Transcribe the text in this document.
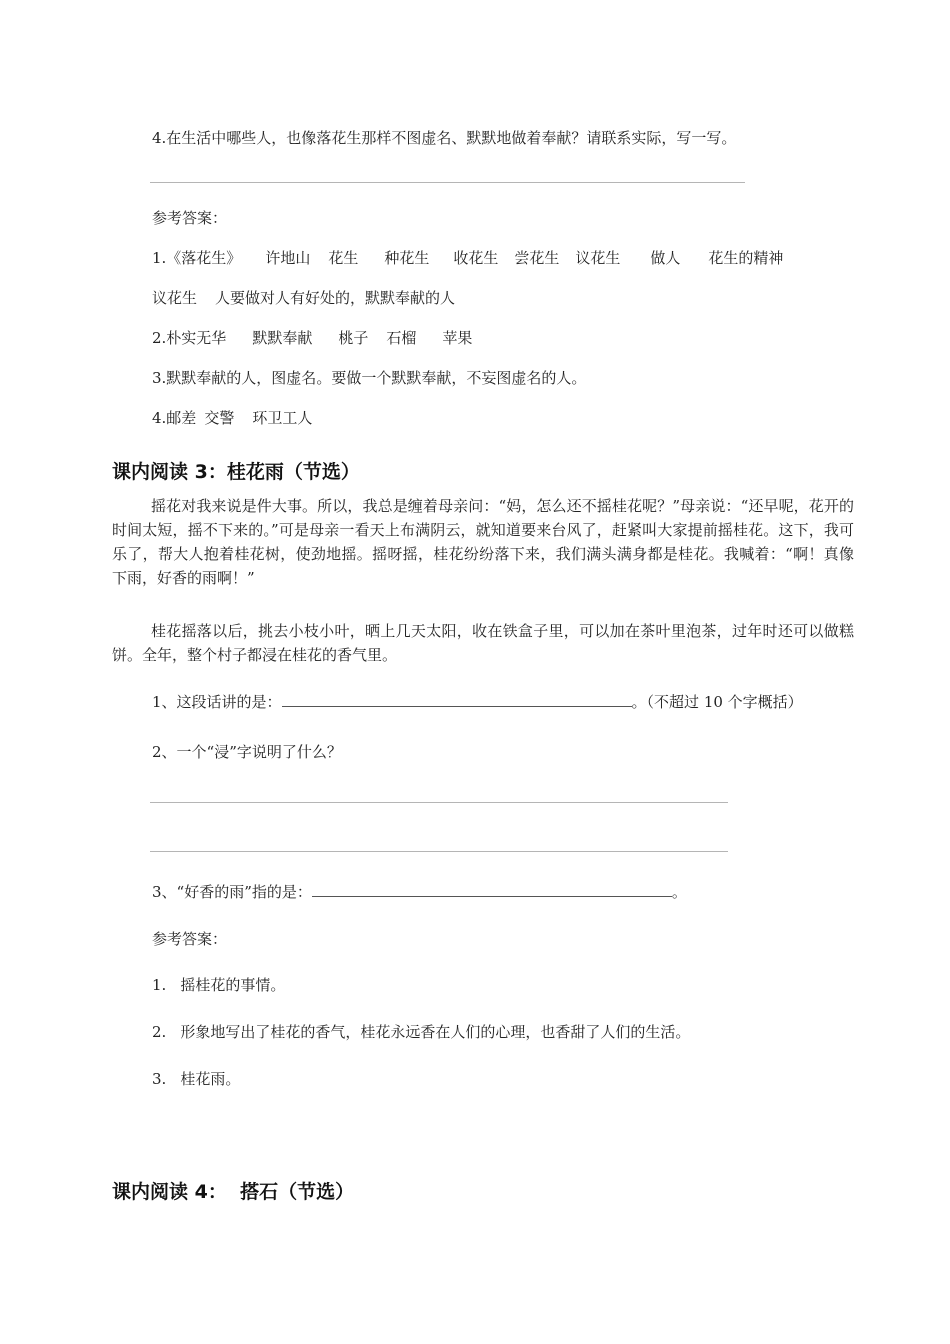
4.在生活中哪些人，也像落花生那样不图虚名、默默地做着奉献？请联系实际，写一写。
参考答案：
1.《落花生》 许地山 花生 种花生 收花生 尝花生 议花生 做人 花生的精神
议花生 人要做对人有好处的，默默奉献的人
2.朴实无华 默默奉献 桃子 石榴 苹果
3.默默奉献的人，图虚名。要做一个默默奉献，不妄图虚名的人。
4.邮差 交警 环卫工人
课内阅读 3：桂花雨（节选）
摇花对我来说是件大事。所以，我总是缠着母亲问：“妈，怎么还不摇桂花呢？”母亲说：“还早呢，花开的时间太短，摇不下来的。”可是母亲一看天上布满阴云，就知道要来台风了，赶紧叫大家提前摇桂花。这下，我可乐了，帮大人抱着桂花树，使劲地摇。摇呀摇，桂花纷纷落下来，我们满头满身都是桂花。我喊着：“啊！真像下雨，好香的雨啊！”
桂花摇落以后，挑去小枝小叶，晒上几天太阳，收在铁盒子里，可以加在茶叶里泡茶，过年时还可以做糕饼。全年，整个村子都浸在桂花的香气里。
1、这段话讲的是：	。（不超过 10 个字概括）
2、一个“浸”字说明了什么？
3、“好香的雨”指的是：	。
参考答案：
1. 摇桂花的事情。
2. 形象地写出了桂花的香气，桂花永远香在人们的心理，也香甜了人们的生活。
3. 桂花雨。
课内阅读 4：  搭石（节选）
